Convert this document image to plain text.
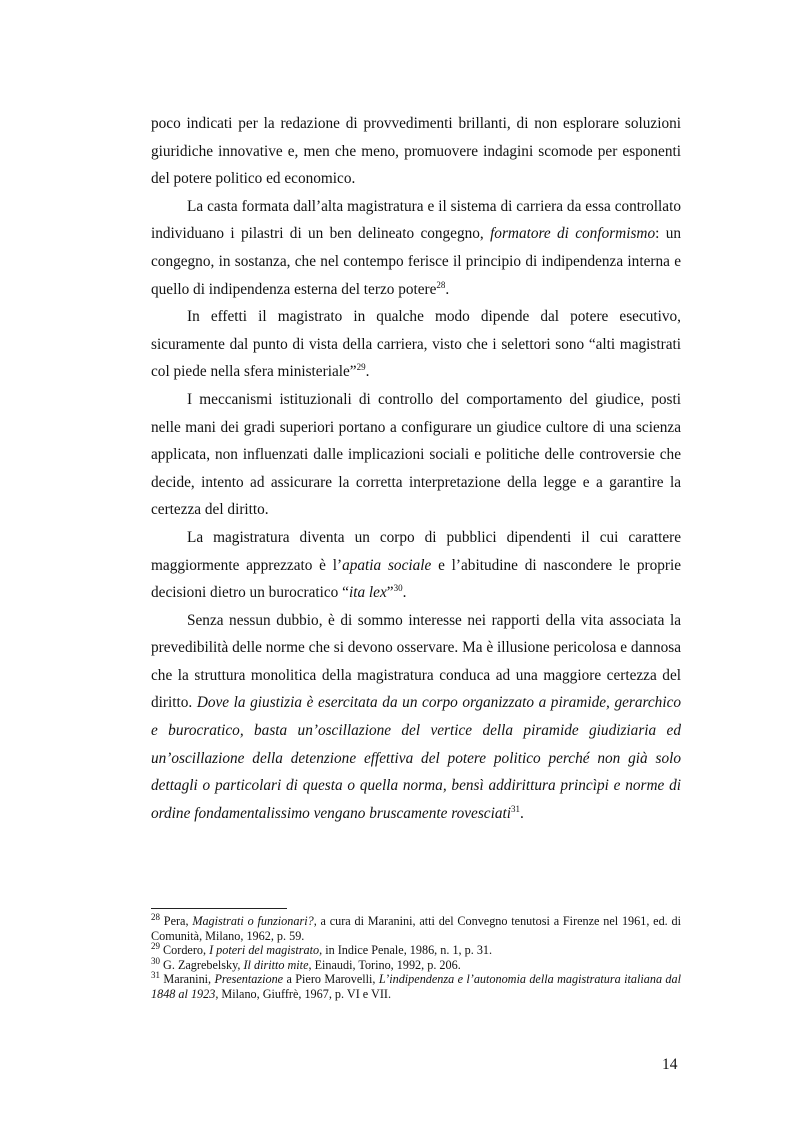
poco indicati per la redazione di provvedimenti brillanti, di non esplorare soluzioni giuridiche innovative e, men che meno, promuovere indagini scomode per esponenti del potere politico ed economico.

La casta formata dall’alta magistratura e il sistema di carriera da essa controllato individuano i pilastri di un ben delineato congegno, formatore di conformismo: un congegno, in sostanza, che nel contempo ferisce il principio di indipendenza interna e quello di indipendenza esterna del terzo potere$^{28}$.

In effetti il magistrato in qualche modo dipende dal potere esecutivo, sicuramente dal punto di vista della carriera, visto che i selettori sono “alti magistrati col piede nella sfera ministeriale”$^{29}$.

I meccanismi istituzionali di controllo del comportamento del giudice, posti nelle mani dei gradi superiori portano a configurare un giudice cultore di una scienza applicata, non influenzati dalle implicazioni sociali e politiche delle controversie che decide, intento ad assicurare la corretta interpretazione della legge e a garantire la certezza del diritto.

La magistratura diventa un corpo di pubblici dipendenti il cui carattere maggiormente apprezzato è l’apatia sociale e l’abitudine di nascondere le proprie decisioni dietro un burocratico “ita lex”$^{30}$.

Senza nessun dubbio, è di sommo interesse nei rapporti della vita associata la prevedibilità delle norme che si devono osservare. Ma è illusione pericolosa e dannosa che la struttura monolitica della magistratura conduca ad una maggiore certezza del diritto. Dove la giustizia è esercitata da un corpo organizzato a piramide, gerarchico e burocratico, basta un’oscillazione del vertice della piramide giudiziaria ed un’oscillazione della detenzione effettiva del potere politico perché non già solo dettagli o particolari di questa o quella norma, bensì addirittura princìpi e norme di ordine fondamentalissimo vengano bruscamente rovesciati$^{31}$.

$^{28}$ Pera, Magistrati o funzionari?, a cura di Maranini, atti del Convegno tenutosi a Firenze nel 1961, ed. di Comunità, Milano, 1962, p. 59.

$^{29}$ Cordero, I poteri del magistrato, in Indice Penale, 1986, n. 1, p. 31.

$^{30}$ G. Zagrebelsky, Il diritto mite, Einaudi, Torino, 1992, p. 206.

$^{31}$ Maranini, Presentazione a Piero Marovelli, L’indipendenza e l’autonomia della magistratura italiana dal 1848 al 1923, Milano, Giuffrè, 1967, p. VI e VII.

14
